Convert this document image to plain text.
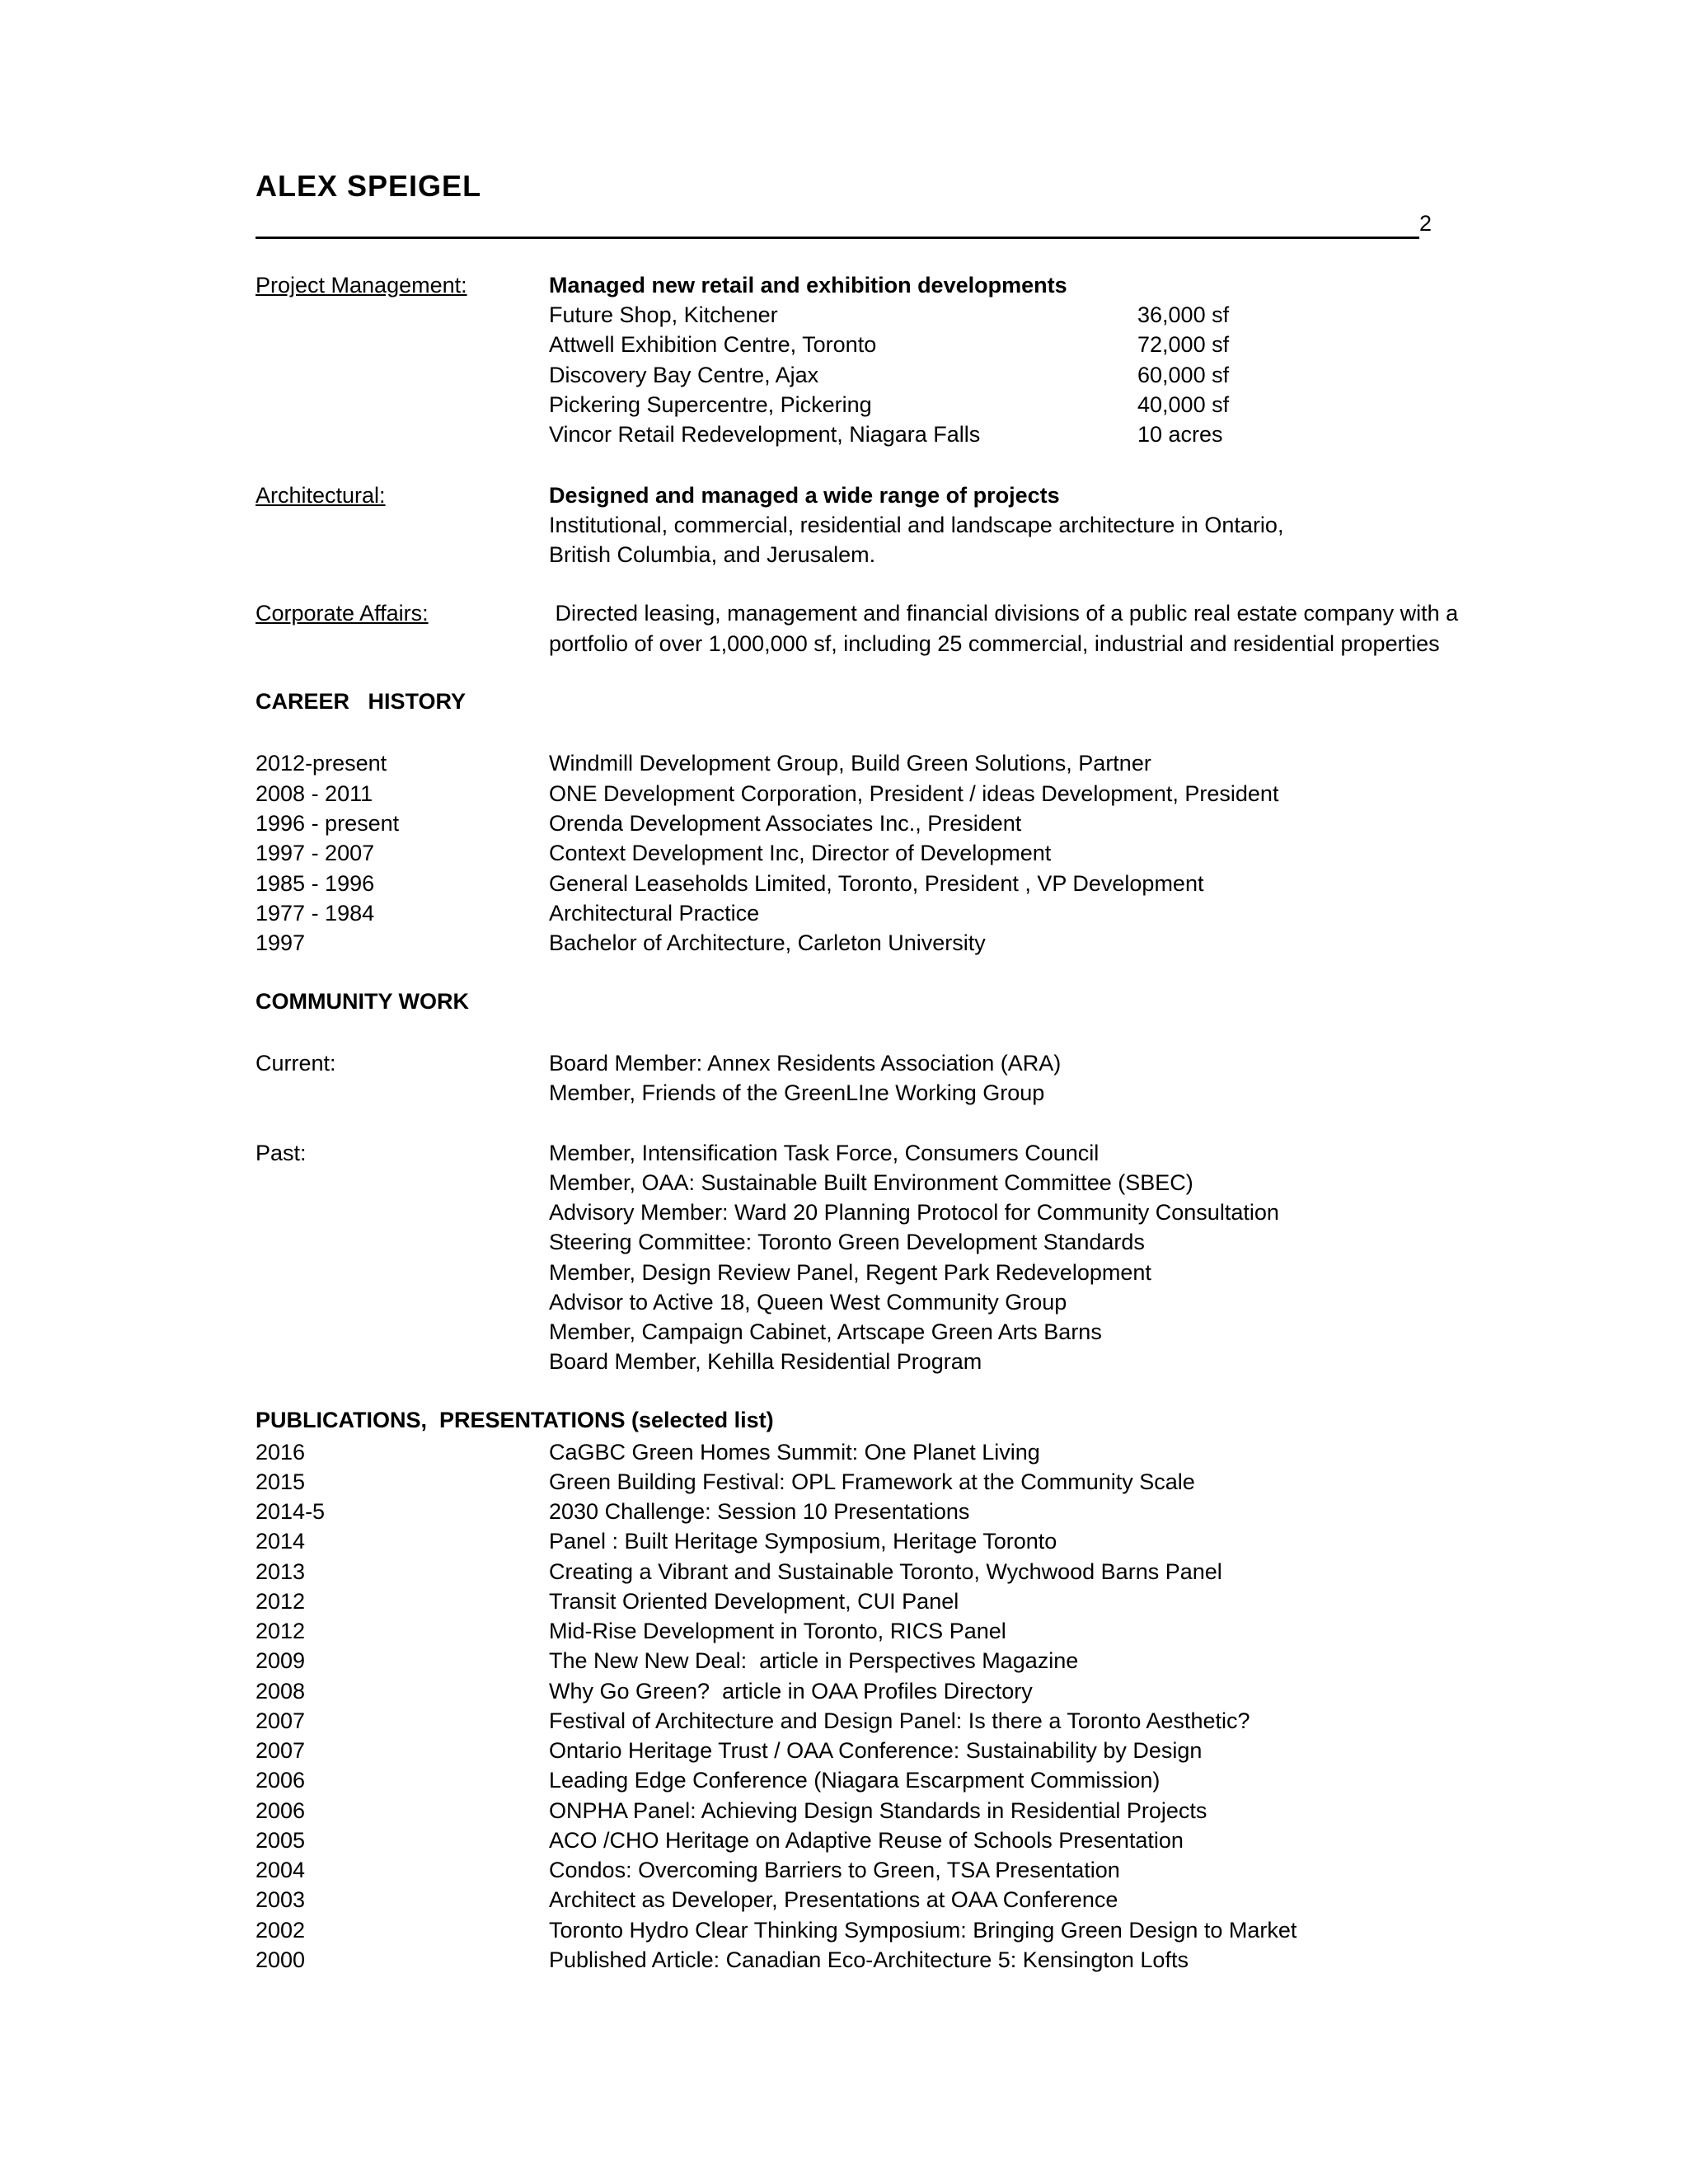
ALEX SPEIGEL
2
Project Management:	Managed new retail and exhibition developments
Future Shop, Kitchener	36,000 sf
Attwell Exhibition Centre, Toronto	72,000 sf
Discovery Bay Centre, Ajax	60,000 sf
Pickering Supercentre, Pickering	40,000 sf
Vincor Retail Redevelopment, Niagara Falls	10 acres
Architectural:	Designed and managed a wide range of projects
Institutional, commercial, residential and landscape architecture in Ontario,
British Columbia, and Jerusalem.
Corporate Affairs:	Directed leasing, management and financial divisions of a public real estate company with a
portfolio of over 1,000,000 sf, including 25 commercial, industrial and residential properties
CAREER   HISTORY
2012-present	Windmill Development Group, Build Green Solutions, Partner
2008 - 2011	ONE Development Corporation, President / ideas Development, President
1996 - present	Orenda Development Associates Inc., President
1997 - 2007	Context Development Inc, Director of Development
1985 - 1996	General Leaseholds Limited, Toronto, President , VP Development
1977 - 1984	Architectural Practice
1997	Bachelor of Architecture, Carleton University
COMMUNITY WORK
Current:	Board Member: Annex Residents Association (ARA)
Member, Friends of the GreenLIne Working Group
Past:	Member, Intensification Task Force, Consumers Council
Member, OAA: Sustainable Built Environment Committee (SBEC)
Advisory Member: Ward 20 Planning Protocol for Community Consultation
Steering Committee: Toronto Green Development Standards
Member, Design Review Panel, Regent Park Redevelopment
Advisor to Active 18, Queen West Community Group
Member, Campaign Cabinet, Artscape Green Arts Barns
Board Member, Kehilla Residential Program
PUBLICATIONS,  PRESENTATIONS (selected list)
2016	CaGBC Green Homes Summit: One Planet Living
2015	Green Building Festival: OPL Framework at the Community Scale
2014-5	2030 Challenge: Session 10 Presentations
2014	Panel : Built Heritage Symposium, Heritage Toronto
2013	Creating a Vibrant and Sustainable Toronto, Wychwood Barns Panel
2012	Transit Oriented Development, CUI Panel
2012	Mid-Rise Development in Toronto, RICS Panel
2009	The New New Deal:  article in Perspectives Magazine
2008	Why Go Green?  article in OAA Profiles Directory
2007	Festival of Architecture and Design Panel: Is there a Toronto Aesthetic?
2007	Ontario Heritage Trust / OAA Conference: Sustainability by Design
2006	Leading Edge Conference (Niagara Escarpment Commission)
2006	ONPHA Panel: Achieving Design Standards in Residential Projects
2005	ACO /CHO Heritage on Adaptive Reuse of Schools Presentation
2004	Condos: Overcoming Barriers to Green, TSA Presentation
2003	Architect as Developer, Presentations at OAA Conference
2002	Toronto Hydro Clear Thinking Symposium: Bringing Green Design to Market
2000	Published Article: Canadian Eco-Architecture 5: Kensington Lofts
